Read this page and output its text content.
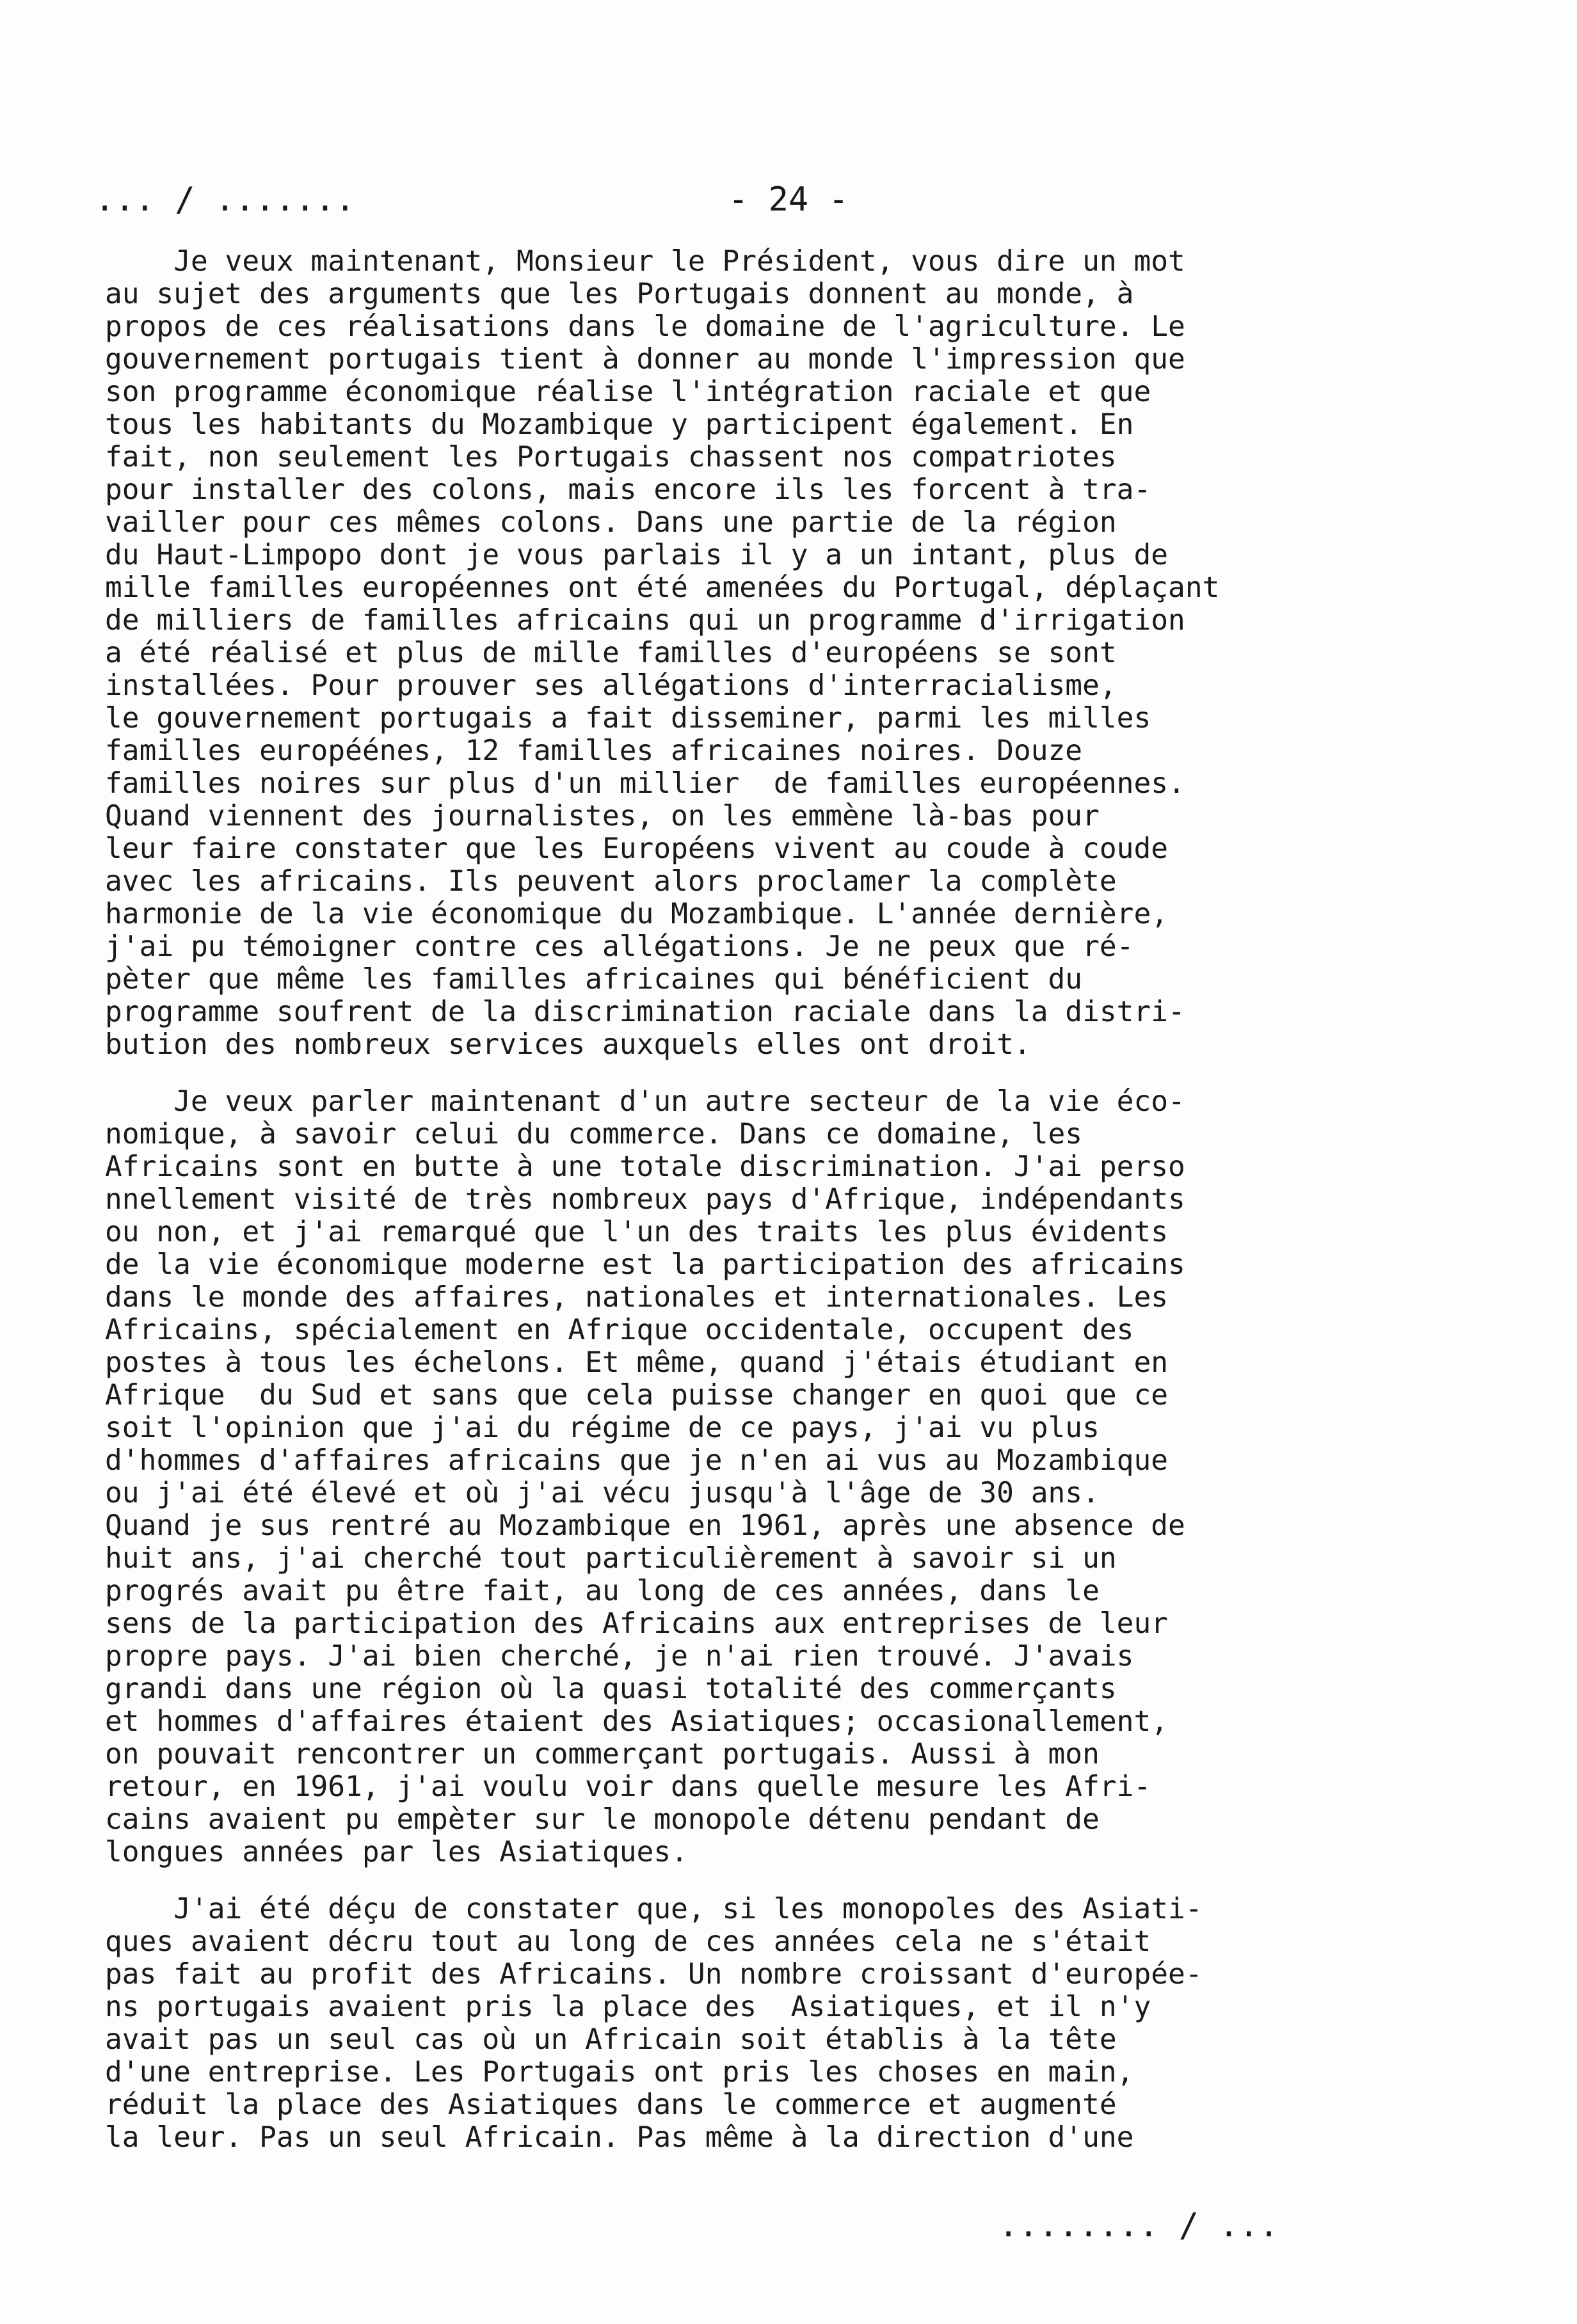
... / .......	- 24 -
Je veux maintenant, Monsieur le Président, vous dire un mot
au sujet des arguments que les Portugais donnent au monde, à
propos de ces réalisations dans le domaine de l'agriculture. Le
gouvernement portugais tient à donner au monde l'impression que
son programme économique réalise l'intégration raciale et que
tous les habitants du Mozambique y participent également. En
fait, non seulement les Portugais chassent nos compatriotes
pour installer des colons, mais encore ils les forcent à tra-
vailler pour ces mêmes colons. Dans une partie de la région
du Haut-Limpopo dont je vous parlais il y a un intant, plus de
mille familles européennes ont été amenées du Portugal, déplaçant
de milliers de familles africains qui un programme d'irrigation
a été réalisé et plus de mille familles d'européens se sont
installées. Pour prouver ses allégations d'interracialisme,
le gouvernement portugais a fait disseminer, parmi les milles
familles européénes, 12 familles africaines noires. Douze
familles noires sur plus d'un millier  de familles européennes.
Quand viennent des journalistes, on les emmène là-bas pour
leur faire constater que les Européens vivent au coude à coude
avec les africains. Ils peuvent alors proclamer la complète
harmonie de la vie économique du Mozambique. L'année dernière,
j'ai pu témoigner contre ces allégations. Je ne peux que ré-
pèter que même les familles africaines qui bénéficient du
programme soufrent de la discrimination raciale dans la distri-
bution des nombreux services auxquels elles ont droit.
Je veux parler maintenant d'un autre secteur de la vie éco-
nomique, à savoir celui du commerce. Dans ce domaine, les
Africains sont en butte à une totale discrimination. J'ai perso
nnellement visité de très nombreux pays d'Afrique, indépendants
ou non, et j'ai remarqué que l'un des traits les plus évidents
de la vie économique moderne est la participation des africains
dans le monde des affaires, nationales et internationales. Les
Africains, spécialement en Afrique occidentale, occupent des
postes à tous les échelons. Et même, quand j'étais étudiant en
Afrique  du Sud et sans que cela puisse changer en quoi que ce
soit l'opinion que j'ai du régime de ce pays, j'ai vu plus
d'hommes d'affaires africains que je n'en ai vus au Mozambique
ou j'ai été élevé et où j'ai vécu jusqu'à l'âge de 30 ans.
Quand je sus rentré au Mozambique en 1961, après une absence de
huit ans, j'ai cherché tout particulièrement à savoir si un
progrés avait pu être fait, au long de ces années, dans le
sens de la participation des Africains aux entreprises de leur
propre pays. J'ai bien cherché, je n'ai rien trouvé. J'avais
grandi dans une région où la quasi totalité des commerçants
et hommes d'affaires étaient des Asiatiques; occasionallement,
on pouvait rencontrer un commerçant portugais. Aussi à mon
retour, en 1961, j'ai voulu voir dans quelle mesure les Afri-
cains avaient pu empèter sur le monopole détenu pendant de
longues années par les Asiatiques.
J'ai été déçu de constater que, si les monopoles des Asiati-
ques avaient décru tout au long de ces années cela ne s'était
pas fait au profit des Africains. Un nombre croissant d'européе-
ns portugais avaient pris la place des  Asiatiques, et il n'y
avait pas un seul cas où un Africain soit établis à la tête
d'une entreprise. Les Portugais ont pris les choses en main,
réduit la place des Asiatiques dans le commerce et augmenté
la leur. Pas un seul Africain. Pas même à la direction d'une
........ / ...
